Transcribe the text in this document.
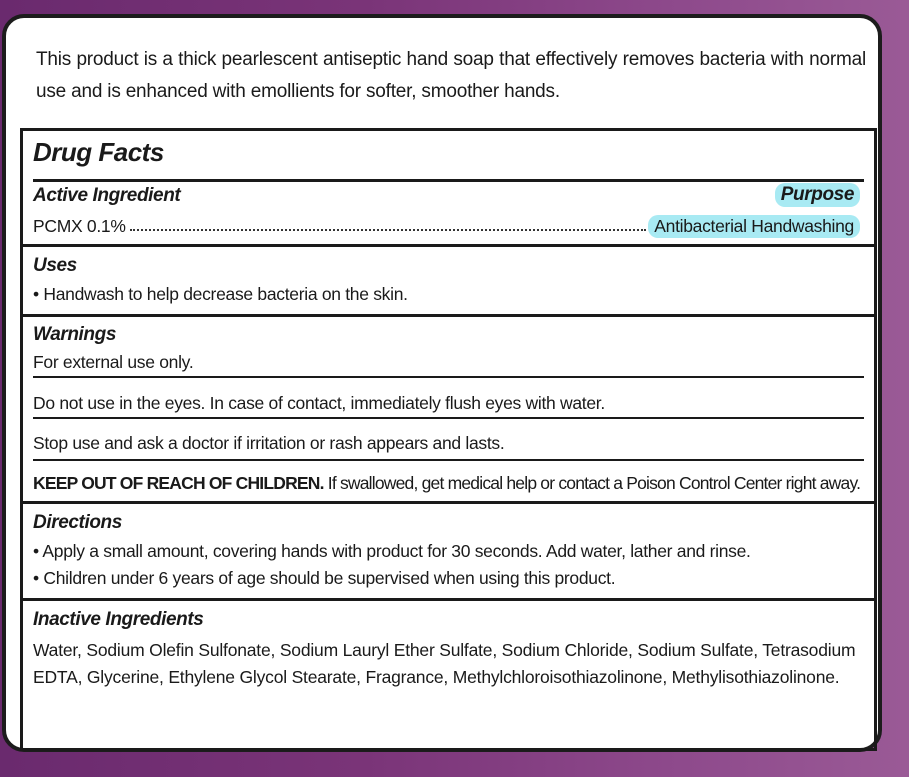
This product is a thick pearlescent antiseptic hand soap that effectively removes bacteria with normal use and is enhanced with emollients for softer, smoother hands.
Drug Facts
Active Ingredient	Purpose
PCMX 0.1%	Antibacterial Handwashing
Uses
• Handwash to help decrease bacteria on the skin.
Warnings
For external use only.
Do not use in the eyes. In case of contact, immediately flush eyes with water.
Stop use and ask a doctor if irritation or rash appears and lasts.
KEEP OUT OF REACH OF CHILDREN. If swallowed, get medical help or contact a Poison Control Center right away.
Directions
• Apply a small amount, covering hands with product for 30 seconds. Add water, lather and rinse.
• Children under 6 years of age should be supervised when using this product.
Inactive Ingredients
Water, Sodium Olefin Sulfonate, Sodium Lauryl Ether Sulfate, Sodium Chloride, Sodium Sulfate, Tetrasodium EDTA, Glycerine, Ethylene Glycol Stearate, Fragrance, Methylchloroisothiazolinone, Methylisothiazolinone.
